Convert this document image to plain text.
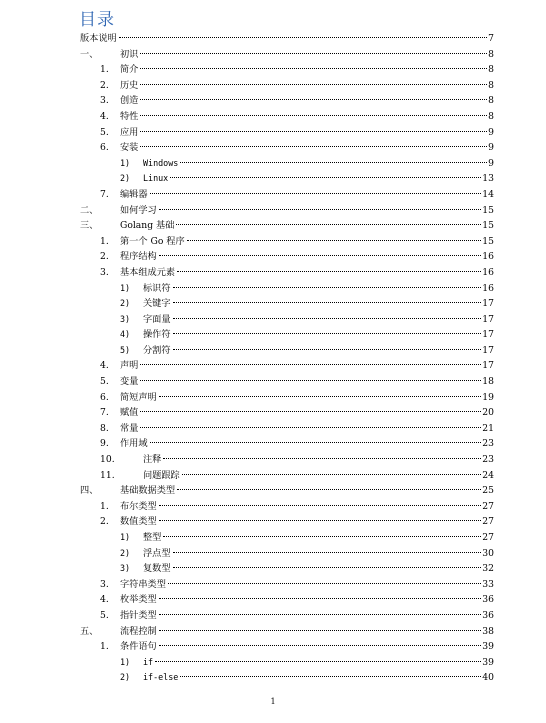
目录
版本说明	7
一、 初识	8
1. 简介	8
2. 历史	8
3. 创造	8
4. 特性	8
5. 应用	9
6. 安装	9
1) Windows	9
2) Linux	13
7. 编辑器	14
二、 如何学习	15
三、 Golang 基础	15
1. 第一个 Go 程序	15
2. 程序结构	16
3. 基本组成元素	16
1) 标识符	16
2) 关键字	17
3) 字面量	17
4) 操作符	17
5) 分割符	17
4. 声明	17
5. 变量	18
6. 简短声明	19
7. 赋值	20
8. 常量	21
9. 作用域	23
10.	注释	23
11.	问题跟踪	24
四、 基础数据类型	25
1. 布尔类型	27
2. 数值类型	27
1) 整型	27
2) 浮点型	30
3) 复数型	32
3. 字符串类型	33
4. 枚举类型	36
5. 指针类型	36
五、 流程控制	38
1. 条件语句	39
1) if	39
2) if-else	40
1
